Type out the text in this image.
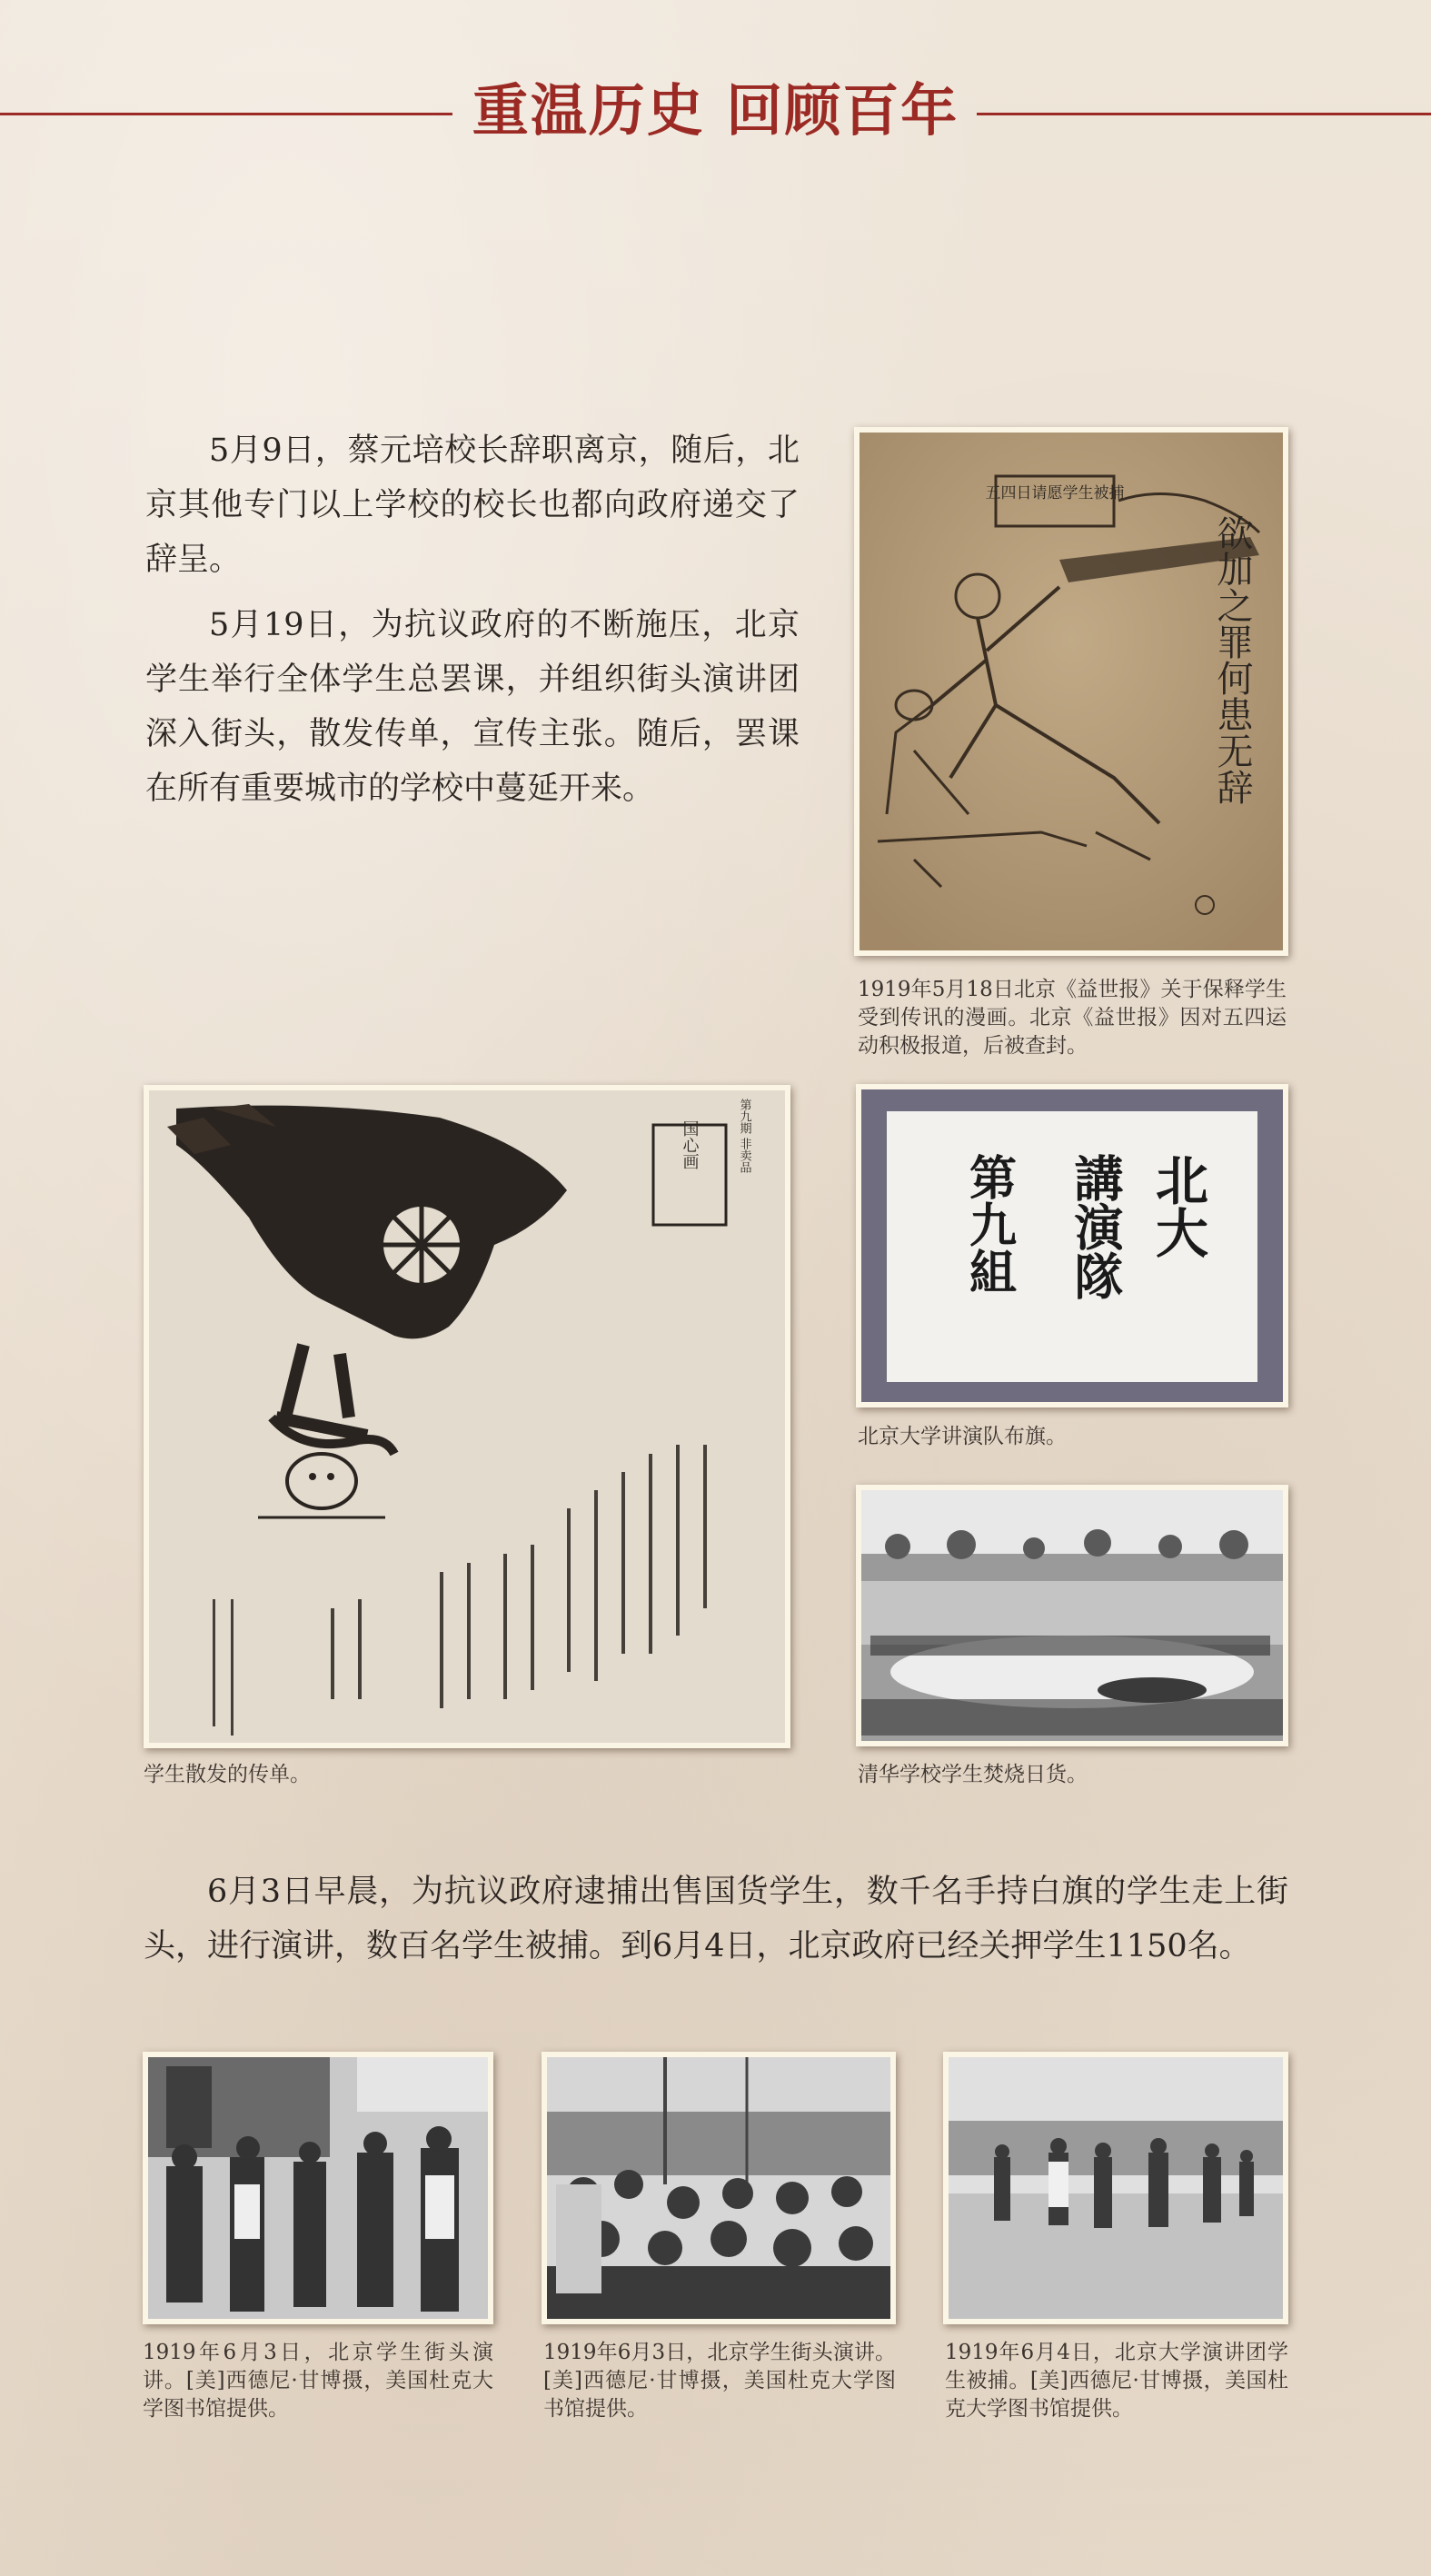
重温历史 回顾百年

5月9日，蔡元培校长辞职离京，随后，北京其他专门以上学校的校长也都向政府递交了辞呈。

5月19日，为抗议政府的不断施压，北京学生举行全体学生总罢课，并组织街头演讲团深入街头，散发传单，宣传主张。随后，罢课在所有重要城市的学校中蔓延开来。

五四日请愿学生被捕
欲加之罪何患无辞

1919年5月18日北京《益世报》关于保释学生受到传讯的漫画。北京《益世报》因对五四运动积极报道，后被查封。

国心画	第九期 非卖品

学生散发的传单。

北大
講演隊
第九組

北京大学讲演队布旗。

清华学校学生焚烧日货。

6月3日早晨，为抗议政府逮捕出售国货学生，数千名手持白旗的学生走上街头，进行演讲，数百名学生被捕。到6月4日，北京政府已经关押学生1150名。

1919年6月3日，北京学生街头演讲。[美]西德尼·甘博摄，美国杜克大学图书馆提供。

1919年6月3日，北京学生街头演讲。[美]西德尼·甘博摄，美国杜克大学图书馆提供。

1919年6月4日，北京大学演讲团学生被捕。[美]西德尼·甘博摄，美国杜克大学图书馆提供。
